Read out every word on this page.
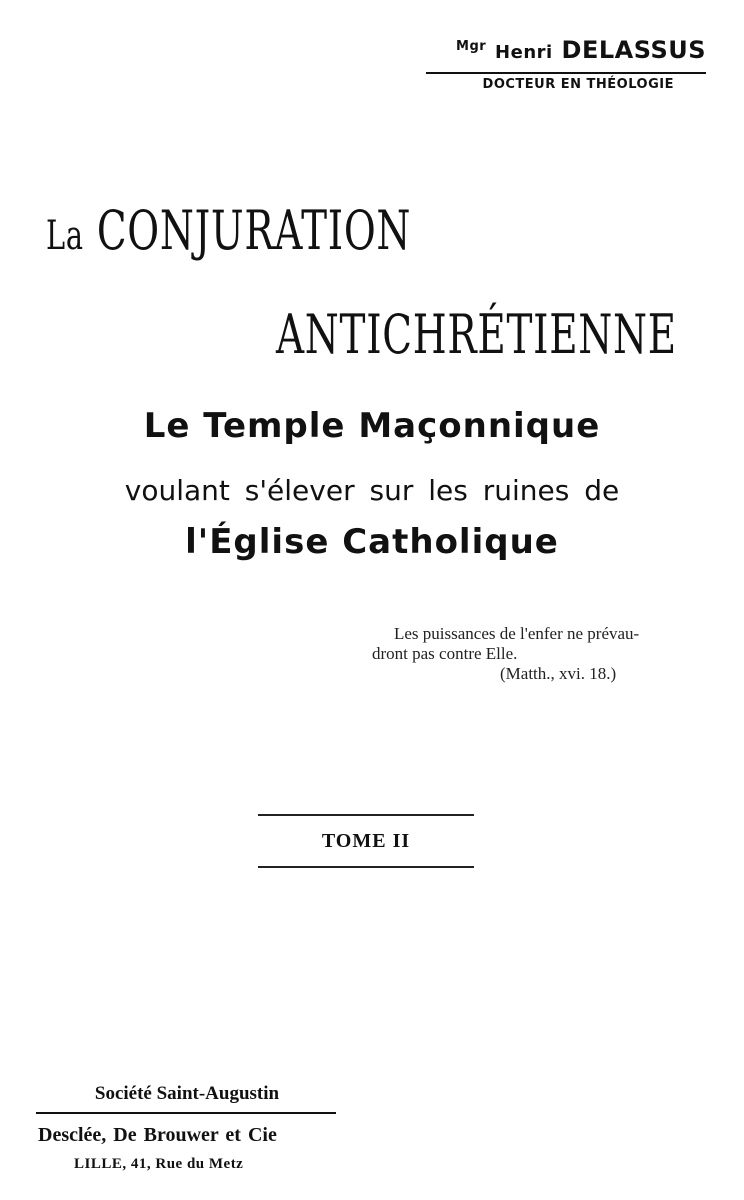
$^{Mgr}$ Henri DELASSUS
DOCTEUR EN THÉOLOGIE
La CONJURATION
ANTICHRÉTIENNE
Le Temple Maçonnique
voulant s'élever sur les ruines de
l'Église Catholique
Les puissances de l'enfer ne prévau-
dront pas contre Elle.
(Matth., xvi. 18.)
TOME II
Société Saint-Augustin
Desclée, De Brouwer et Cie
LILLE, 41, Rue du Metz
